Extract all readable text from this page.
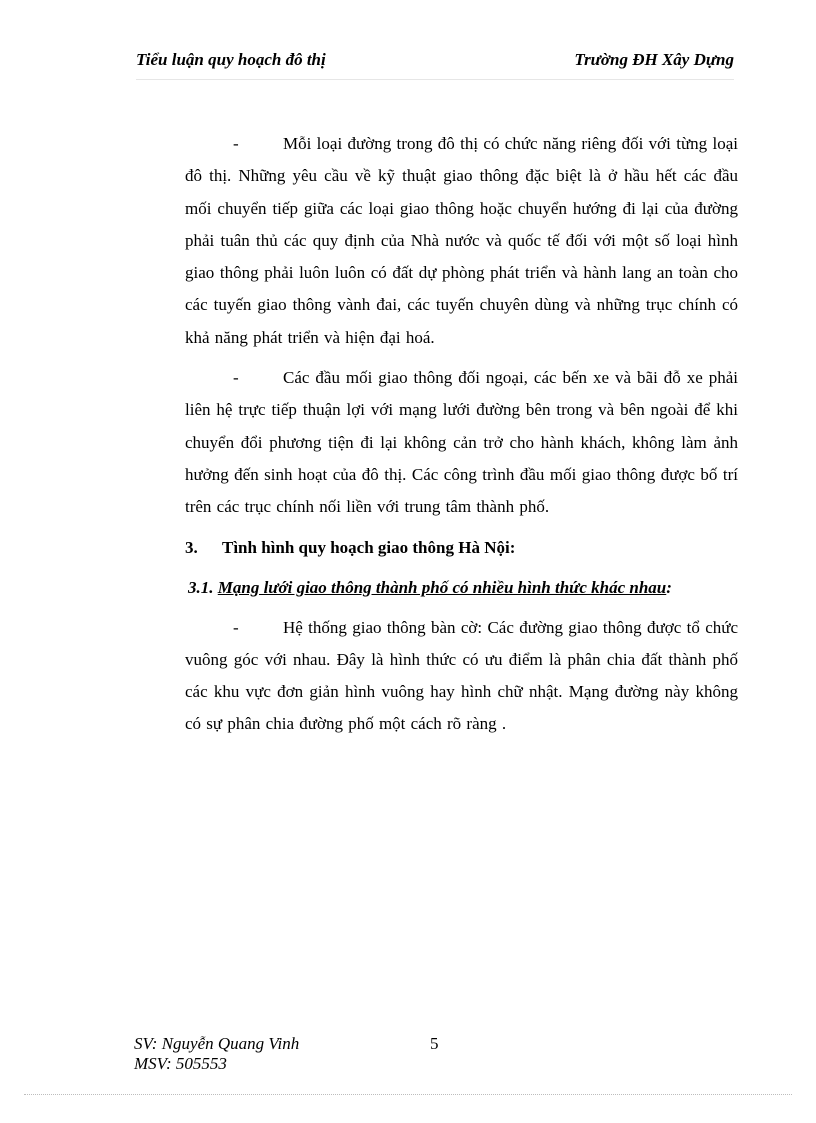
Tiểu luận quy hoạch đô thị	Trường ĐH Xây Dựng

-	Mỗi loại đường trong đô thị có chức năng riêng đối với từng loại đô thị. Những yêu cầu về kỹ thuật giao thông đặc biệt là ở hầu hết các đầu mối chuyển tiếp giữa các loại giao thông hoặc chuyển hướng đi lại của đường phải tuân thủ các quy định của Nhà nước và quốc tế đối với một số loại hình giao thông phải luôn luôn có đất dự phòng phát triển và hành lang an toàn cho các tuyến giao thông vành đai, các tuyến chuyên dùng và những trục chính có khả năng phát triển và hiện đại hoá.

-	Các đầu mối giao thông đối ngoại, các bến xe và bãi đỗ xe phải liên hệ trực tiếp thuận lợi với mạng lưới đường bên trong và bên ngoài để khi chuyển đổi phương tiện đi lại không cản trở cho hành khách, không làm ảnh hưởng đến sinh hoạt của đô thị. Các công trình đầu mối giao thông được bố trí trên các trục chính nối liền với trung tâm thành phố.

3. Tình hình quy hoạch giao thông Hà Nội:
3.1. Mạng lưới giao thông thành phố có nhiều hình thức khác nhau:

-	Hệ thống giao thông bàn cờ: Các đường giao thông được tổ chức vuông góc với nhau. Đây là hình thức có ưu điểm là phân chia đất thành phố các khu vực đơn giản hình vuông hay hình chữ nhật. Mạng đường này không có sự phân chia đường phố một cách rõ ràng .

SV: Nguyễn Quang Vinh
MSV: 505553
5
